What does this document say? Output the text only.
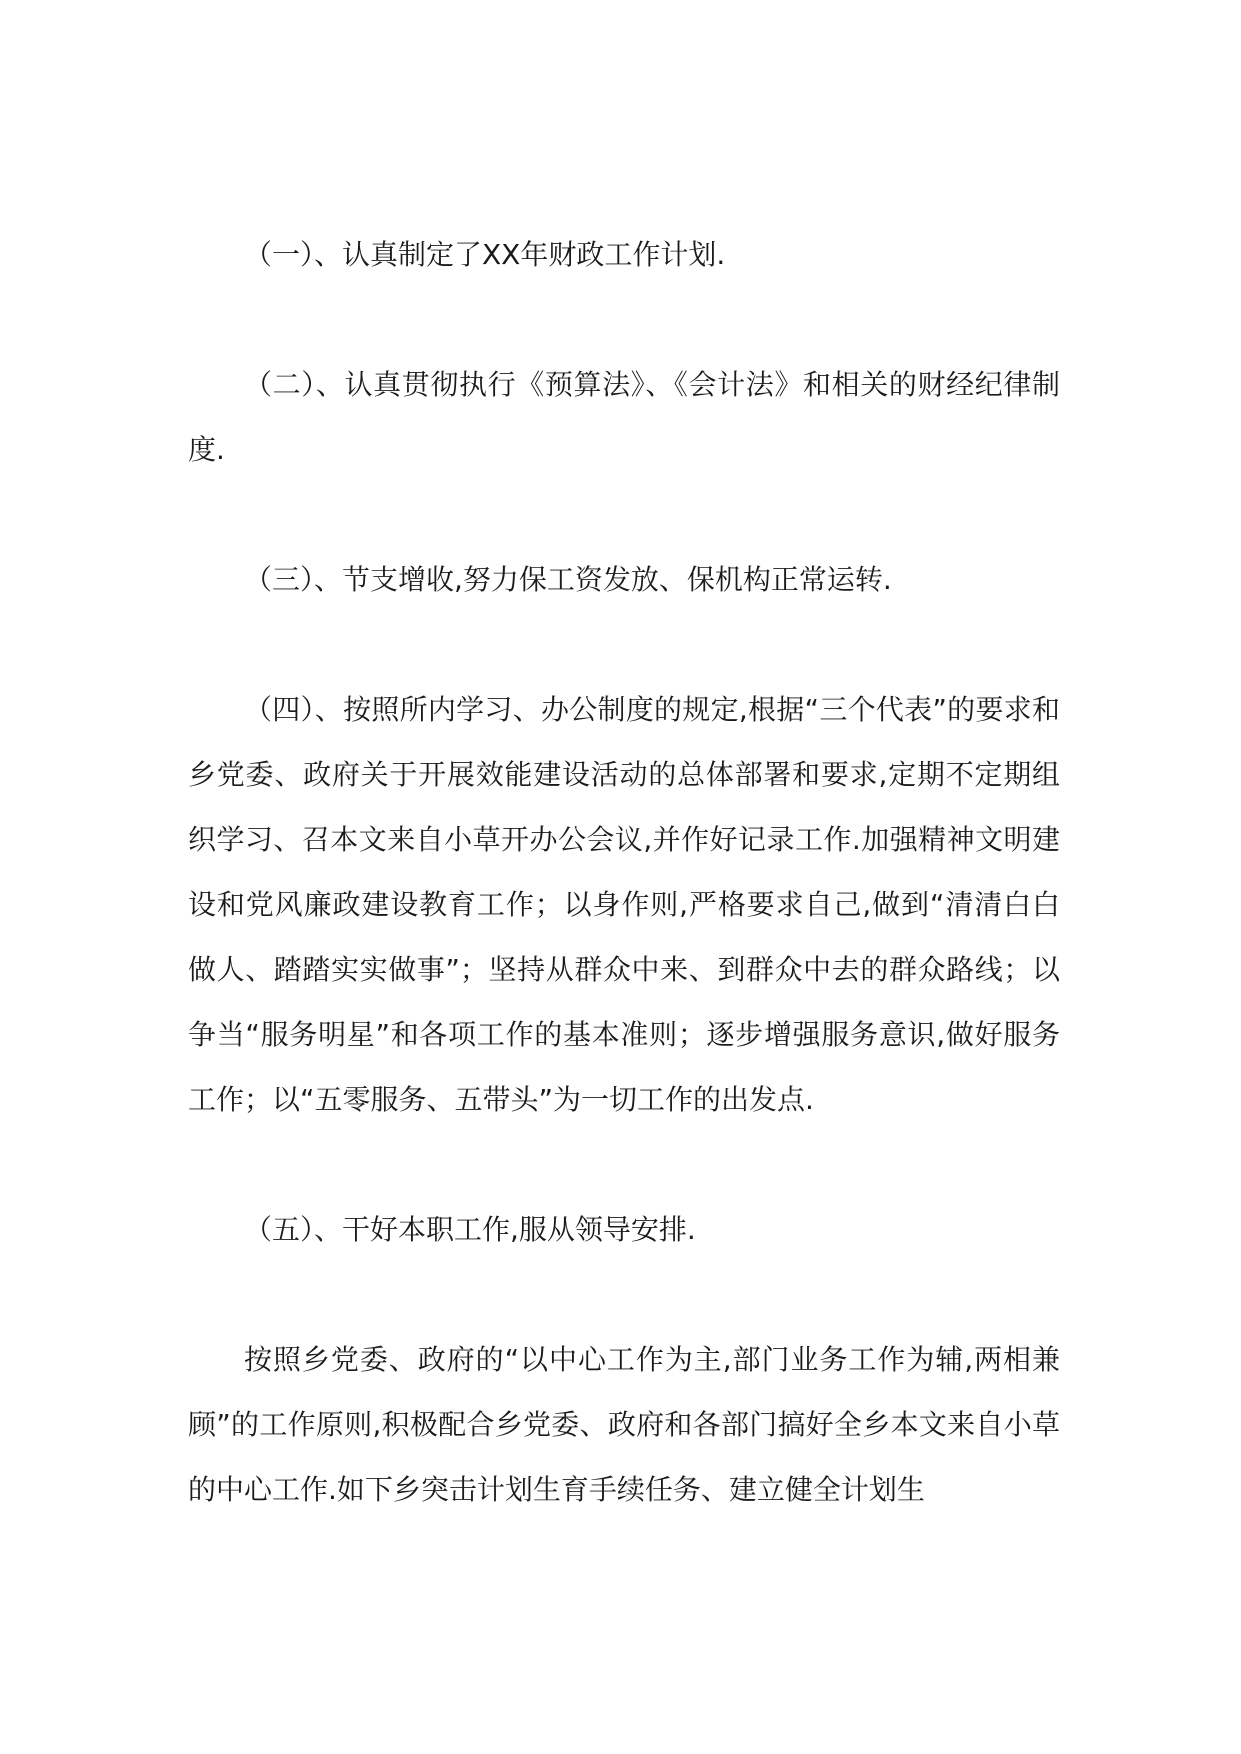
（一）、认真制定了XX年财政工作计划.

（二）、认真贯彻执行《预算法》、《会计法》和相关的财经纪律制度.

（三）、节支增收,努力保工资发放、保机构正常运转.

（四）、按照所内学习、办公制度的规定,根据“三个代表”的要求和乡党委、政府关于开展效能建设活动的总体部署和要求,定期不定期组织学习、召本文来自小草开办公会议,并作好记录工作.加强精神文明建设和党风廉政建设教育工作；以身作则,严格要求自己,做到“清清白白做人、踏踏实实做事”；坚持从群众中来、到群众中去的群众路线；以争当“服务明星”和各项工作的基本准则；逐步增强服务意识,做好服务工作；以“五零服务、五带头”为一切工作的出发点.

（五）、干好本职工作,服从领导安排.

按照乡党委、政府的“以中心工作为主,部门业务工作为辅,两相兼顾”的工作原则,积极配合乡党委、政府和各部门搞好全乡本文来自小草的中心工作.如下乡突击计划生育手续任务、建立健全计划生
